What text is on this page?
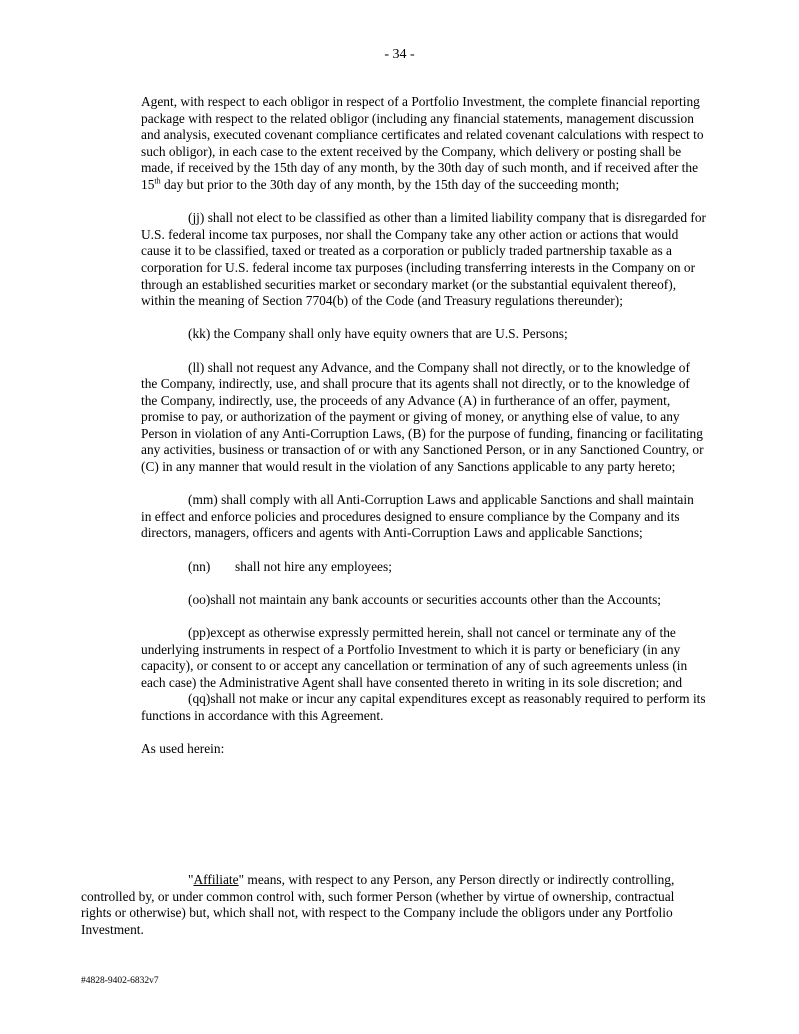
- 34 -

Agent, with respect to each obligor in respect of a Portfolio Investment, the complete financial reporting package with respect to the related obligor (including any financial statements, management discussion and analysis, executed covenant compliance certificates and related covenant calculations with respect to such obligor), in each case to the extent received by the Company, which delivery or posting shall be made, if received by the 15th day of any month, by the 30th day of such month, and if received after the 15th day but prior to the 30th day of any month, by the 15th day of the succeeding month;

(jj) shall not elect to be classified as other than a limited liability company that is disregarded for U.S. federal income tax purposes, nor shall the Company take any other action or actions that would cause it to be classified, taxed or treated as a corporation or publicly traded partnership taxable as a corporation for U.S. federal income tax purposes (including transferring interests in the Company on or through an established securities market or secondary market (or the substantial equivalent thereof), within the meaning of Section 7704(b) of the Code (and Treasury regulations thereunder);

(kk) the Company shall only have equity owners that are U.S. Persons;

(ll) shall not request any Advance, and the Company shall not directly, or to the knowledge of the Company, indirectly, use, and shall procure that its agents shall not directly, or to the knowledge of the Company, indirectly, use, the proceeds of any Advance (A) in furtherance of an offer, payment, promise to pay, or authorization of the payment or giving of money, or anything else of value, to any Person in violation of any Anti-Corruption Laws, (B) for the purpose of funding, financing or facilitating any activities, business or transaction of or with any Sanctioned Person, or in any Sanctioned Country, or (C) in any manner that would result in the violation of any Sanctions applicable to any party hereto;

(mm) shall comply with all Anti-Corruption Laws and applicable Sanctions and shall maintain in effect and enforce policies and procedures designed to ensure compliance by the Company and its directors, managers, officers and agents with Anti-Corruption Laws and applicable Sanctions;

(nn) shall not hire any employees;

(oo)shall not maintain any bank accounts or securities accounts other than the Accounts;

(pp)except as otherwise expressly permitted herein, shall not cancel or terminate any of the underlying instruments in respect of a Portfolio Investment to which it is party or beneficiary (in any capacity), or consent to or accept any cancellation or termination of any of such agreements unless (in each case) the Administrative Agent shall have consented thereto in writing in its sole discretion; and

(qq)shall not make or incur any capital expenditures except as reasonably required to perform its functions in accordance with this Agreement.

As used herein:

"Affiliate" means, with respect to any Person, any Person directly or indirectly controlling, controlled by, or under common control with, such former Person (whether by virtue of ownership, contractual rights or otherwise) but, which shall not, with respect to the Company include the obligors under any Portfolio Investment.

#4828-9402-6832v7
